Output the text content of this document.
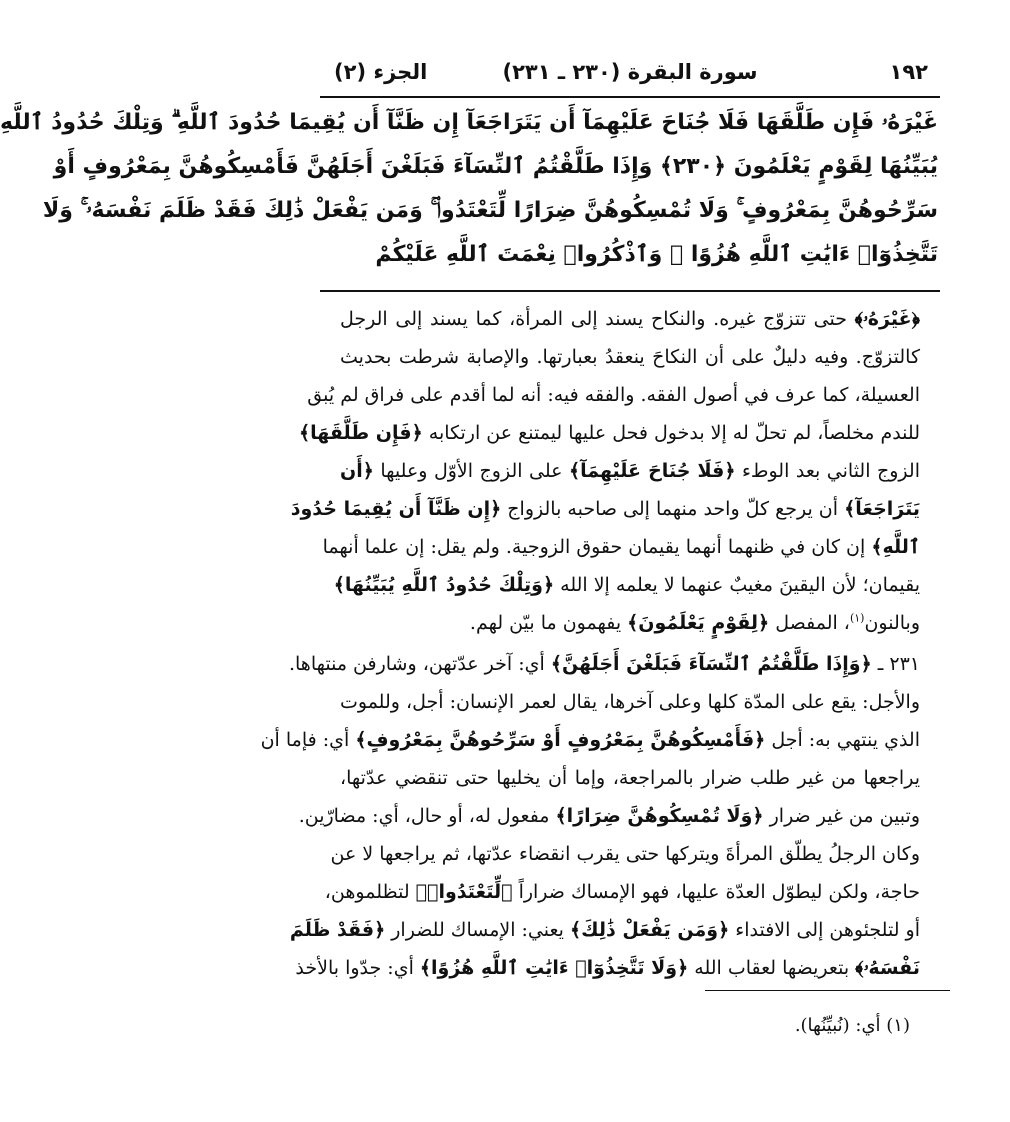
١٩٢
سورة البقرة (٢٣٠ ـ ٢٣١)
الجزء (٢)
غَيْرَهُۥ فَإِن طَلَّقَهَا فَلَا جُنَاحَ عَلَيْهِمَآ أَن يَتَرَاجَعَآ إِن ظَنَّآ أَن يُقِيمَا حُدُودَ ٱللَّهِ ۗ وَتِلْكَ حُدُودُ ٱللَّهِ
يُبَيِّنُهَا لِقَوْمٍ يَعْلَمُونَ ﴿٢٣٠﴾ وَإِذَا طَلَّقْتُمُ ٱلنِّسَآءَ فَبَلَغْنَ أَجَلَهُنَّ فَأَمْسِكُوهُنَّ بِمَعْرُوفٍ أَوْ
سَرِّحُوهُنَّ بِمَعْرُوفٍ ۚ وَلَا تُمْسِكُوهُنَّ ضِرَارًا لِّتَعْتَدُوا۟ ۚ وَمَن يَفْعَلْ ذَٰلِكَ فَقَدْ ظَلَمَ نَفْسَهُۥ ۚ وَلَا
تَتَّخِذُوٓا۟ ءَايَٰتِ ٱللَّهِ هُزُوًا ۚ وَٱذْكُرُوا۟ نِعْمَتَ ٱللَّهِ عَلَيْكُمْ
﴿غَيْرَهُۥ﴾ حتى تتزوّج غيره. والنكاح يسند إلى المرأة، كما يسند إلى الرجل
كالتزوّج. وفيه دليلٌ على أن النكاحَ ينعقدُ بعبارتها. والإصابة شرطت بحديث
العسيلة، كما عرف في أصول الفقه. والفقه فيه: أنه لما أقدم على فراق لم يُبق
للندم مخلصاً، لم تحلّ له إلا بدخول فحل عليها ليمتنع عن ارتكابه ﴿فَإِن طَلَّقَهَا﴾
الزوج الثاني بعد الوطء ﴿فَلَا جُنَاحَ عَلَيْهِمَآ﴾ على الزوج الأوّل وعليها ﴿أَن
يَتَرَاجَعَآ﴾ أن يرجع كلّ واحد منهما إلى صاحبه بالزواج ﴿إِن ظَنَّآ أَن يُقِيمَا حُدُودَ
ٱللَّهِ﴾ إن كان في ظنهما أنهما يقيمان حقوق الزوجية. ولم يقل: إن علما أنهما
يقيمان؛ لأن اليقينَ مغيبٌ عنهما لا يعلمه إلا الله ﴿وَتِلْكَ حُدُودُ ٱللَّهِ يُبَيِّنُهَا﴾
وبالنون$^{(١)}$، المفصل ﴿لِقَوْمٍ يَعْلَمُونَ﴾ يفهمون ما بيّن لهم.
٢٣١ ـ ﴿وَإِذَا طَلَّقْتُمُ ٱلنِّسَآءَ فَبَلَغْنَ أَجَلَهُنَّ﴾ أي: آخر عدّتهن، وشارفن منتهاها.
والأجل: يقع على المدّة كلها وعلى آخرها، يقال لعمر الإنسان: أجل، وللموت
الذي ينتهي به: أجل ﴿فَأَمْسِكُوهُنَّ بِمَعْرُوفٍ أَوْ سَرِّحُوهُنَّ بِمَعْرُوفٍ﴾ أي: فإما أن
يراجعها من غير طلب ضرار بالمراجعة، وإما أن يخليها حتى تنقضي عدّتها،
وتبين من غير ضرار ﴿وَلَا تُمْسِكُوهُنَّ ضِرَارًا﴾ مفعول له، أو حال، أي: مضارّين.
وكان الرجلُ يطلّق المرأةَ ويتركها حتى يقرب انقضاء عدّتها، ثم يراجعها لا عن
حاجة، ولكن ليطوّل العدّة عليها، فهو الإمساك ضراراً ﴿لِّتَعْتَدُوا۟﴾ لتظلموهن،
أو لتلجئوهن إلى الافتداء ﴿وَمَن يَفْعَلْ ذَٰلِكَ﴾ يعني: الإمساك للضرار ﴿فَقَدْ ظَلَمَ
نَفْسَهُۥ﴾ بتعريضها لعقاب الله ﴿وَلَا تَتَّخِذُوٓا۟ ءَايَٰتِ ٱللَّهِ هُزُوًا﴾ أي: جدّوا بالأخذ
(١) أي: (نُبيِّنُها).
